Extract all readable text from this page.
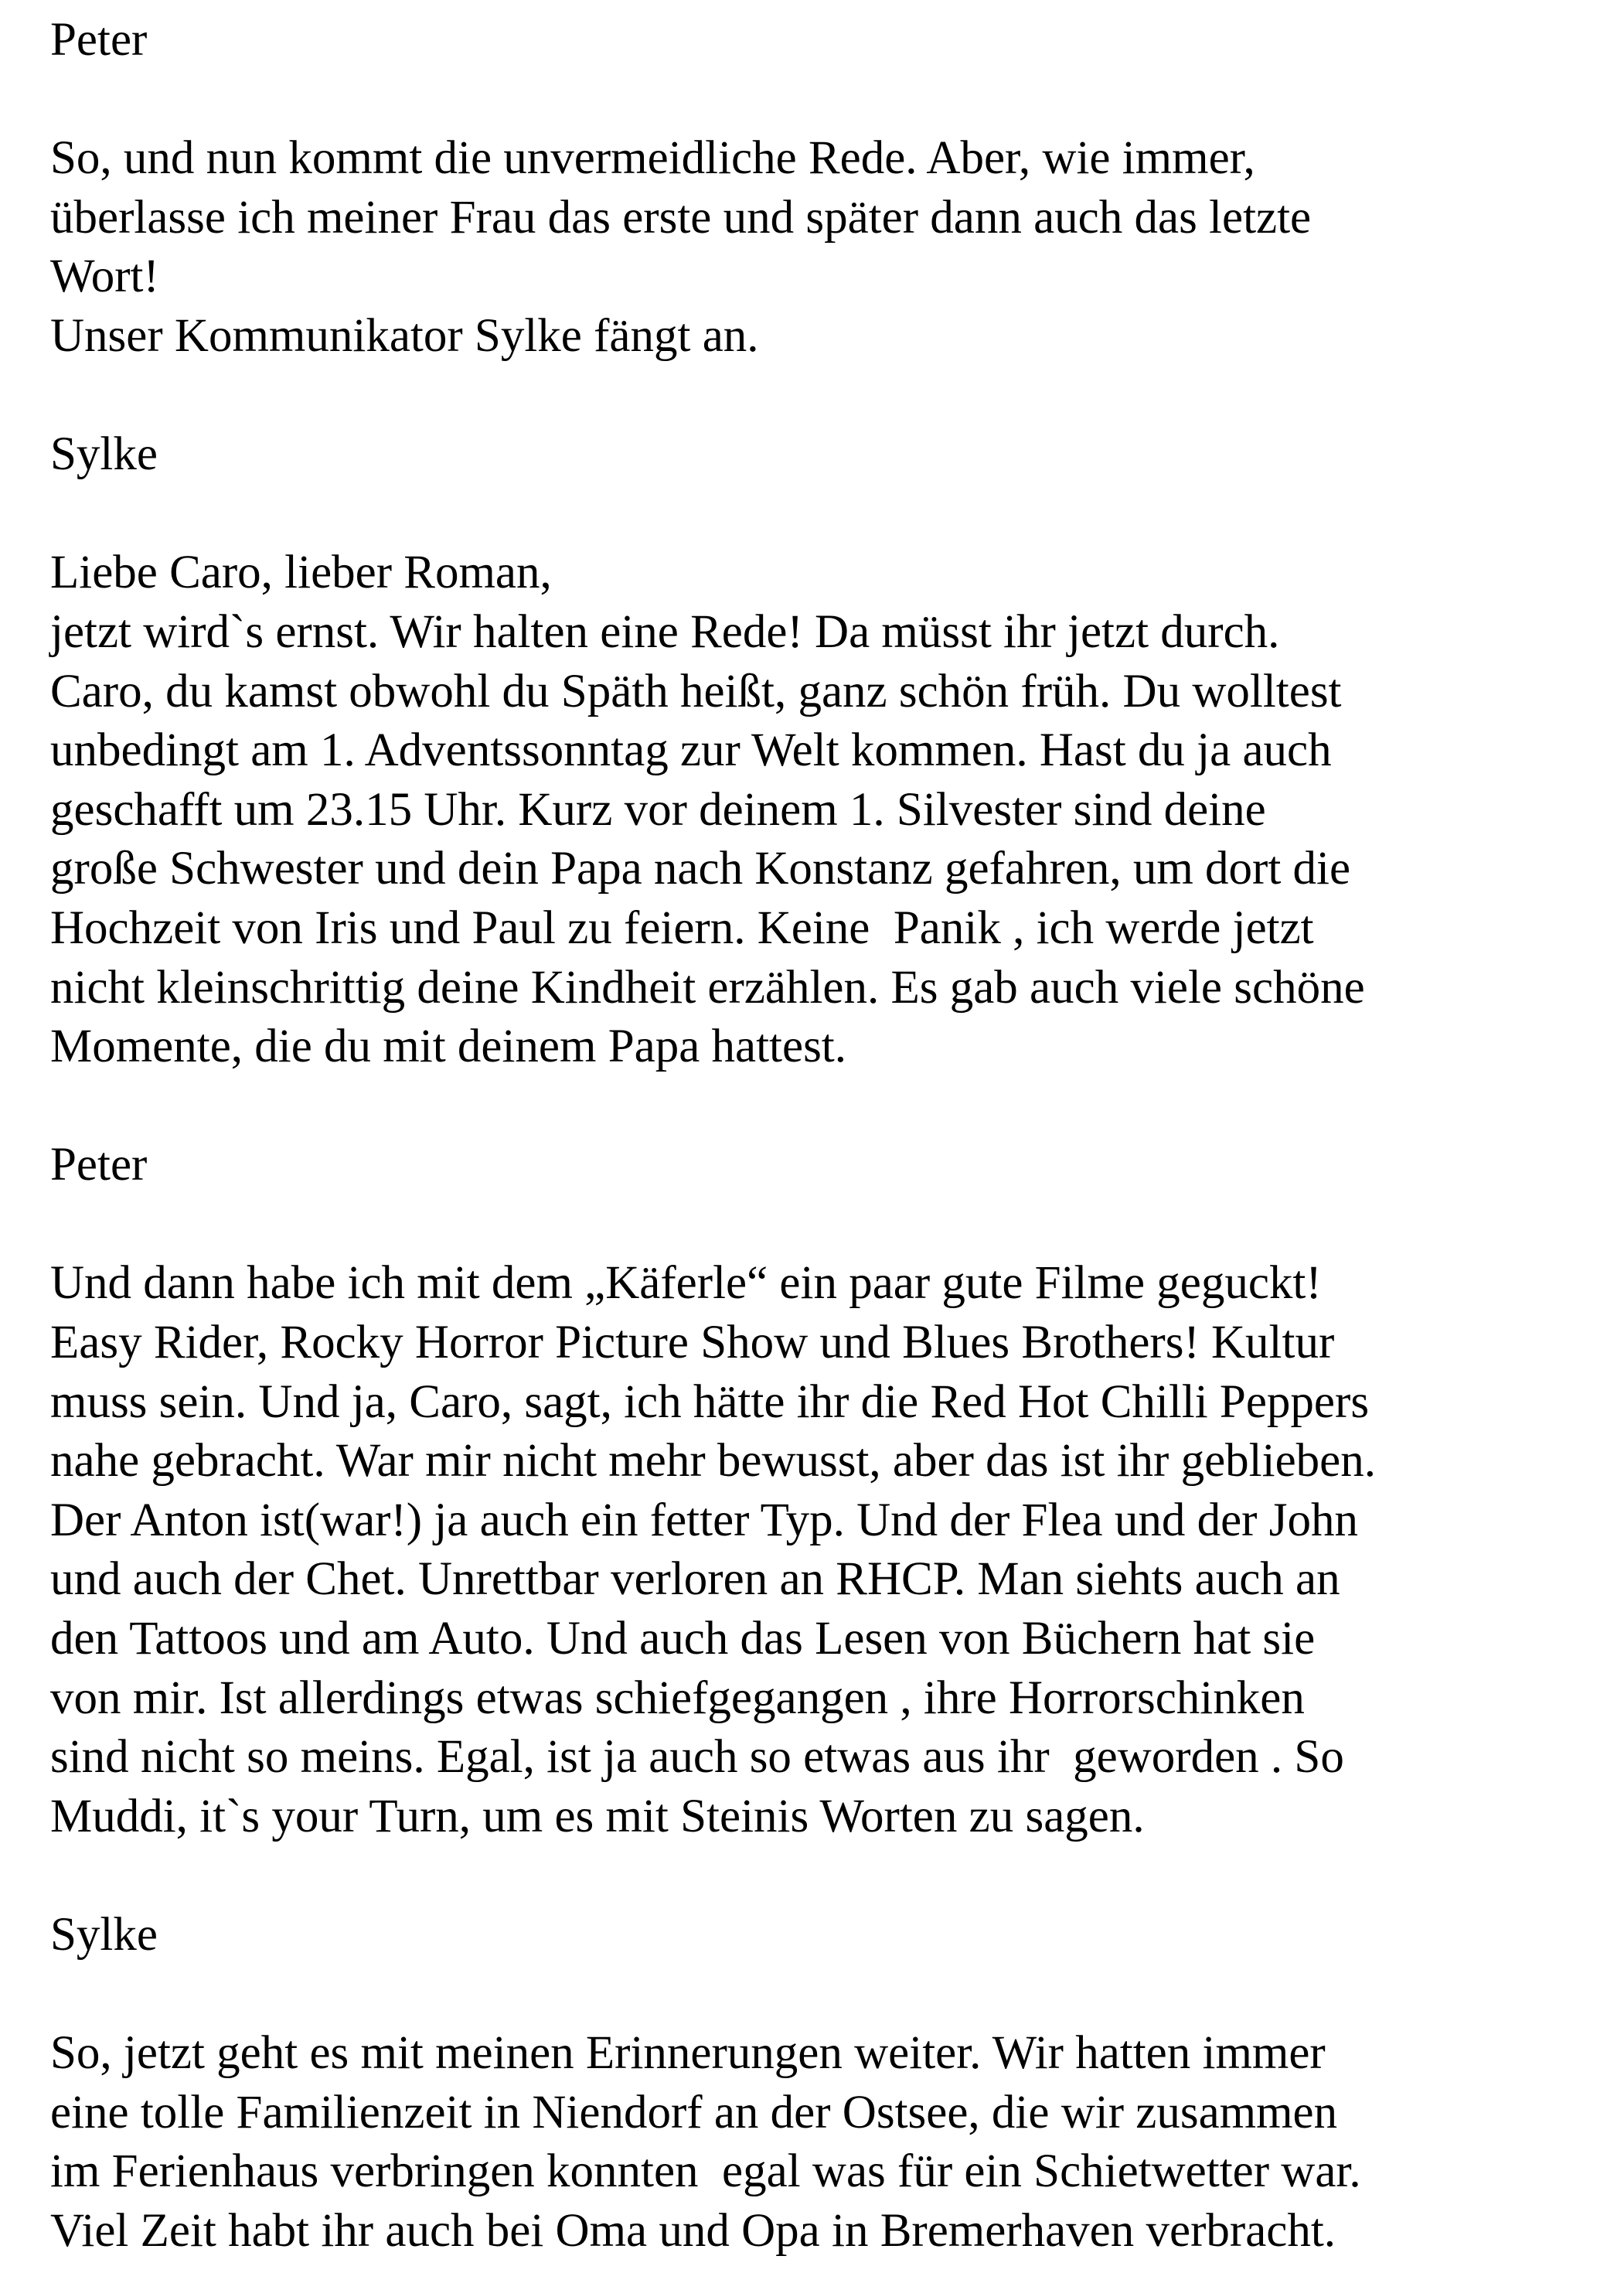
Peter
So, und nun kommt die unvermeidliche Rede. Aber, wie immer,
überlasse ich meiner Frau das erste und später dann auch das letzte
Wort!
Unser Kommunikator Sylke fängt an.
Sylke
Liebe Caro, lieber Roman,
jetzt wird`s ernst. Wir halten eine Rede! Da müsst ihr jetzt durch.
Caro, du kamst obwohl du Späth heißt, ganz schön früh. Du wolltest
unbedingt am 1. Adventssonntag zur Welt kommen. Hast du ja auch
geschafft um 23.15 Uhr. Kurz vor deinem 1. Silvester sind deine
große Schwester und dein Papa nach Konstanz gefahren, um dort die
Hochzeit von Iris und Paul zu feiern. Keine  Panik , ich werde jetzt
nicht kleinschrittig deine Kindheit erzählen. Es gab auch viele schöne
Momente, die du mit deinem Papa hattest.
Peter
Und dann habe ich mit dem „Käferle“ ein paar gute Filme geguckt!
Easy Rider, Rocky Horror Picture Show und Blues Brothers! Kultur
muss sein. Und ja, Caro, sagt, ich hätte ihr die Red Hot Chilli Peppers
nahe gebracht. War mir nicht mehr bewusst, aber das ist ihr geblieben.
Der Anton ist(war!) ja auch ein fetter Typ. Und der Flea und der John
und auch der Chet. Unrettbar verloren an RHCP. Man siehts auch an
den Tattoos und am Auto. Und auch das Lesen von Büchern hat sie
von mir. Ist allerdings etwas schiefgegangen , ihre Horrorschinken
sind nicht so meins. Egal, ist ja auch so etwas aus ihr  geworden . So
Muddi, it`s your Turn, um es mit Steinis Worten zu sagen.
Sylke
So, jetzt geht es mit meinen Erinnerungen weiter. Wir hatten immer
eine tolle Familienzeit in Niendorf an der Ostsee, die wir zusammen
im Ferienhaus verbringen konnten  egal was für ein Schietwetter war.
Viel Zeit habt ihr auch bei Oma und Opa in Bremerhaven verbracht.
